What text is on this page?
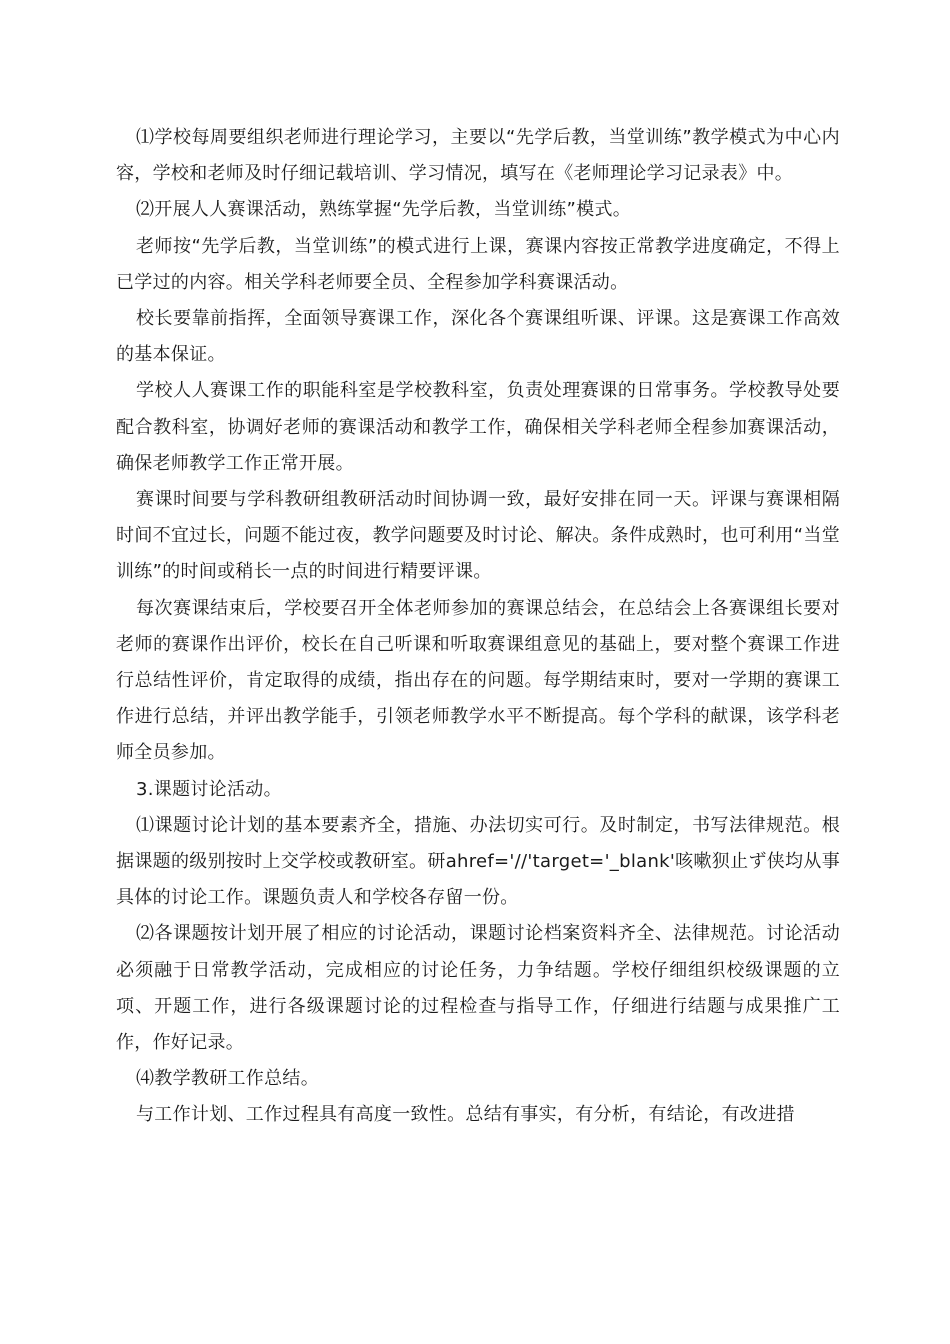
⑴学校每周要组织老师进行理论学习，主要以“先学后教，当堂训练”教学模式为中心内容，学校和老师及时仔细记载培训、学习情况，填写在《老师理论学习记录表》中。

⑵开展人人赛课活动，熟练掌握“先学后教，当堂训练”模式。

老师按“先学后教，当堂训练”的模式进行上课，赛课内容按正常教学进度确定，不得上已学过的内容。相关学科老师要全员、全程参加学科赛课活动。

校长要靠前指挥，全面领导赛课工作，深化各个赛课组听课、评课。这是赛课工作高效的基本保证。

学校人人赛课工作的职能科室是学校教科室，负责处理赛课的日常事务。学校教导处要配合教科室，协调好老师的赛课活动和教学工作，确保相关学科老师全程参加赛课活动，确保老师教学工作正常开展。

赛课时间要与学科教研组教研活动时间协调一致，最好安排在同一天。评课与赛课相隔时间不宜过长，问题不能过夜，教学问题要及时讨论、解决。条件成熟时，也可利用“当堂训练”的时间或稍长一点的时间进行精要评课。

每次赛课结束后，学校要召开全体老师参加的赛课总结会，在总结会上各赛课组长要对老师的赛课作出评价，校长在自己听课和听取赛课组意见的基础上，要对整个赛课工作进行总结性评价，肯定取得的成绩，指出存在的问题。每学期结束时，要对一学期的赛课工作进行总结，并评出教学能手，引领老师教学水平不断提高。每个学科的献课，该学科老师全员参加。

3.课题讨论活动。

⑴课题讨论计划的基本要素齐全，措施、办法切实可行。及时制定，书写法律规范。根据课题的级别按时上交学校或教研室。研ahref='//'target='_blank'咳嗽狈止ず侠均从事具体的讨论工作。课题负责人和学校各存留一份。

⑵各课题按计划开展了相应的讨论活动，课题讨论档案资料齐全、法律规范。讨论活动必须融于日常教学活动，完成相应的讨论任务，力争结题。学校仔细组织校级课题的立项、开题工作，进行各级课题讨论的过程检查与指导工作，仔细进行结题与成果推广工作，作好记录。

⑷教学教研工作总结。

与工作计划、工作过程具有高度一致性。总结有事实，有分析，有结论，有改进措
